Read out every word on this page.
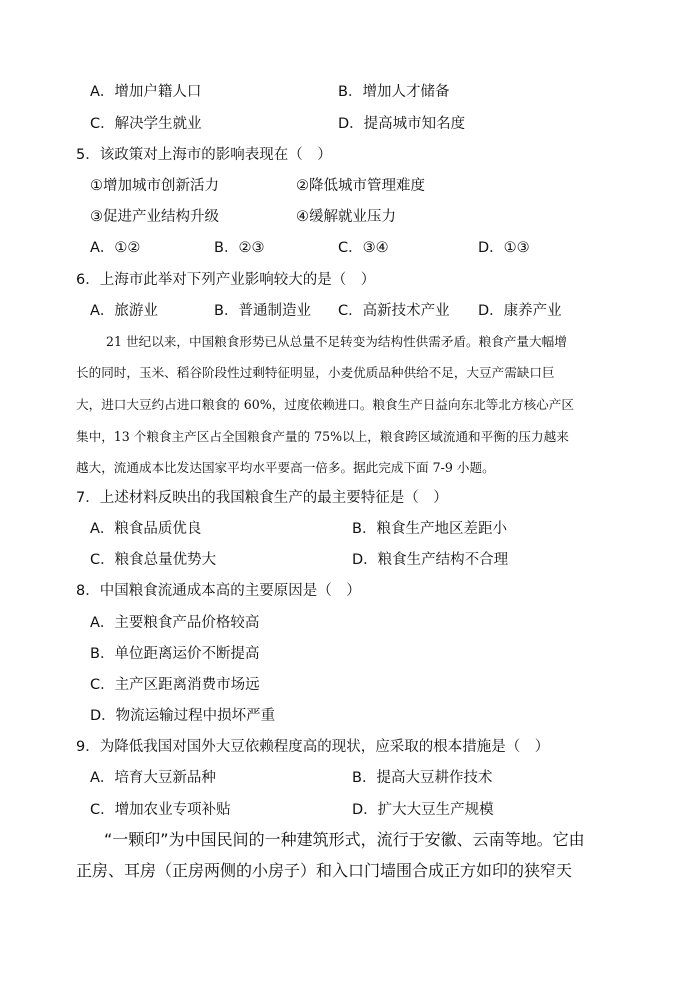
A．增加户籍人口	B．增加人才储备
C．解决学生就业	D．提高城市知名度
5．该政策对上海市的影响表现在（　）
①增加城市创新活力	②降低城市管理难度
③促进产业结构升级	④缓解就业压力
A．①②	B．②③	C．③④	D．①③
6．上海市此举对下列产业影响较大的是（　）
A．旅游业	B．普通制造业 C．高新技术产业 D．康养产业
21 世纪以来，中国粮食形势已从总量不足转变为结构性供需矛盾。粮食产量大幅增
长的同时，玉米、稻谷阶段性过剩特征明显，小麦优质品种供给不足，大豆产需缺口巨
大，进口大豆约占进口粮食的 60%，过度依赖进口。粮食生产日益向东北等北方核心产区
集中，13 个粮食主产区占全国粮食产量的 75%以上，粮食跨区域流通和平衡的压力越来
越大，流通成本比发达国家平均水平要高一倍多。据此完成下面 7-9 小题。
7．上述材料反映出的我国粮食生产的最主要特征是（　）
A．粮食品质优良	B．粮食生产地区差距小
C．粮食总量优势大	D．粮食生产结构不合理
8．中国粮食流通成本高的主要原因是（　）
A．主要粮食产品价格较高
B．单位距离运价不断提高
C．主产区距离消费市场远
D．物流运输过程中损坏严重
9．为降低我国对国外大豆依赖程度高的现状，应采取的根本措施是（　）
A．培育大豆新品种	B．提高大豆耕作技术
C．增加农业专项补贴	D．扩大大豆生产规模
“一颗印”为中国民间的一种建筑形式，流行于安徽、云南等地。它由
正房、耳房（正房两侧的小房子）和入口门墙围合成正方如印的狭窄天
